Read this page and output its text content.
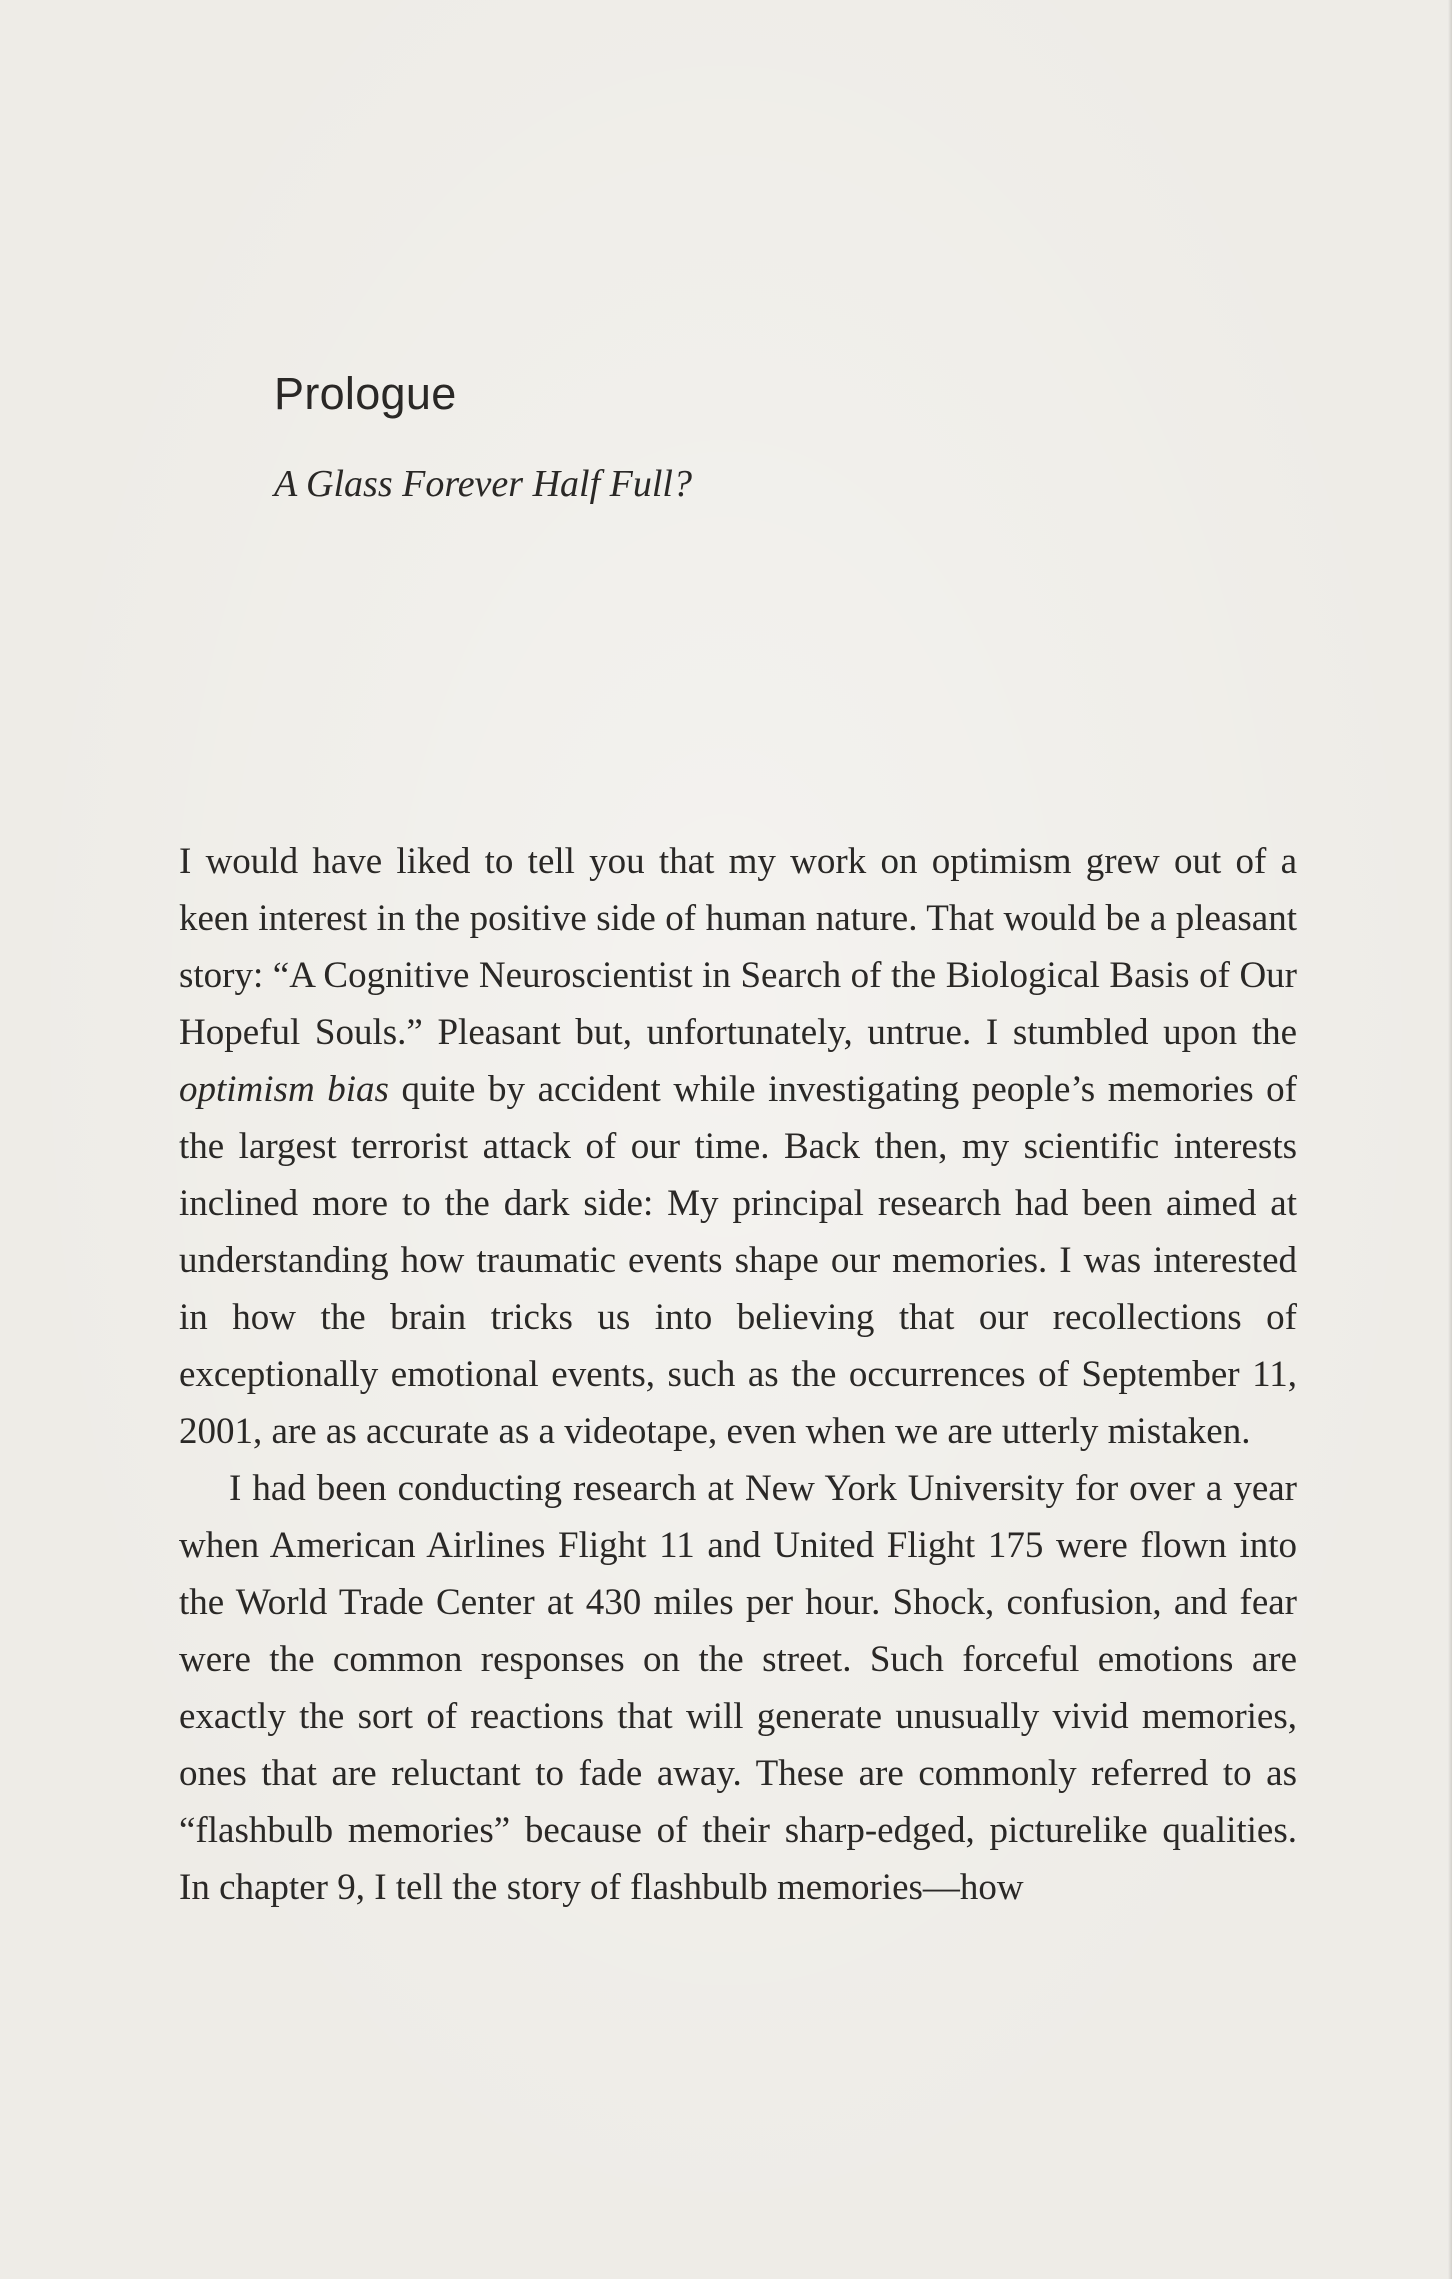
Prologue
A Glass Forever Half Full?

I would have liked to tell you that my work on optimism grew out of a keen interest in the positive side of human nature. That would be a pleasant story: “A Cognitive Neuroscientist in Search of the Biological Basis of Our Hopeful Souls.” Pleasant but, unfortunately, untrue. I stumbled upon the optimism bias quite by accident while investigating people’s memories of the largest terrorist attack of our time. Back then, my scientific interests inclined more to the dark side: My principal research had been aimed at understanding how traumatic events shape our memories. I was interested in how the brain tricks us into believing that our recollections of exceptionally emotional events, such as the occurrences of September 11, 2001, are as accurate as a videotape, even when we are utterly mistaken.

I had been conducting research at New York University for over a year when American Airlines Flight 11 and United Flight 175 were flown into the World Trade Center at 430 miles per hour. Shock, confusion, and fear were the common responses on the street. Such forceful emotions are exactly the sort of reactions that will generate unusually vivid memories, ones that are reluctant to fade away. These are commonly referred to as “flashbulb memories” because of their sharp-edged, picturelike qualities. In chapter 9, I tell the story of flashbulb memories—how
